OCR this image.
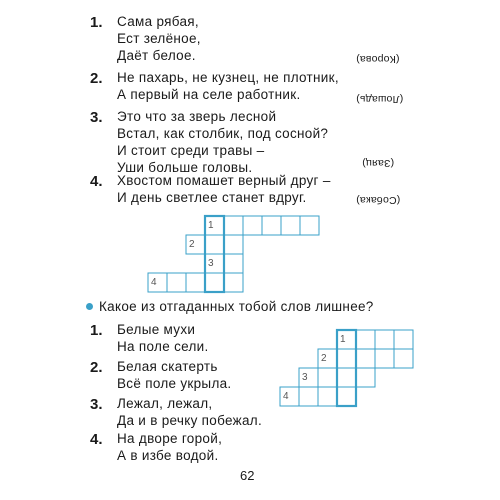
1. Сама рябая,
Ест зелёное,
Даёт белое.	(Корова)
2. Не пахарь, не кузнец, не плотник,
А первый на селе работник.	(Лошадь)
3. Это что за зверь лесной
Встал, как столбик, под сосной?
И стоит среди травы –
Уши больше головы.	(Заяц)
4. Хвостом помашет верный друг –
И день светлее станет вдруг.	(Собака)
1
2
3
4
1
2
3
4
Какое из отгаданных тобой слов лишнее?
1. Белые мухи
На поле сели.
2. Белая скатерть
Всё поле укрыла.
3. Лежал, лежал,
Да и в речку побежал.
4. На дворе горой,
А в избе водой.
62
